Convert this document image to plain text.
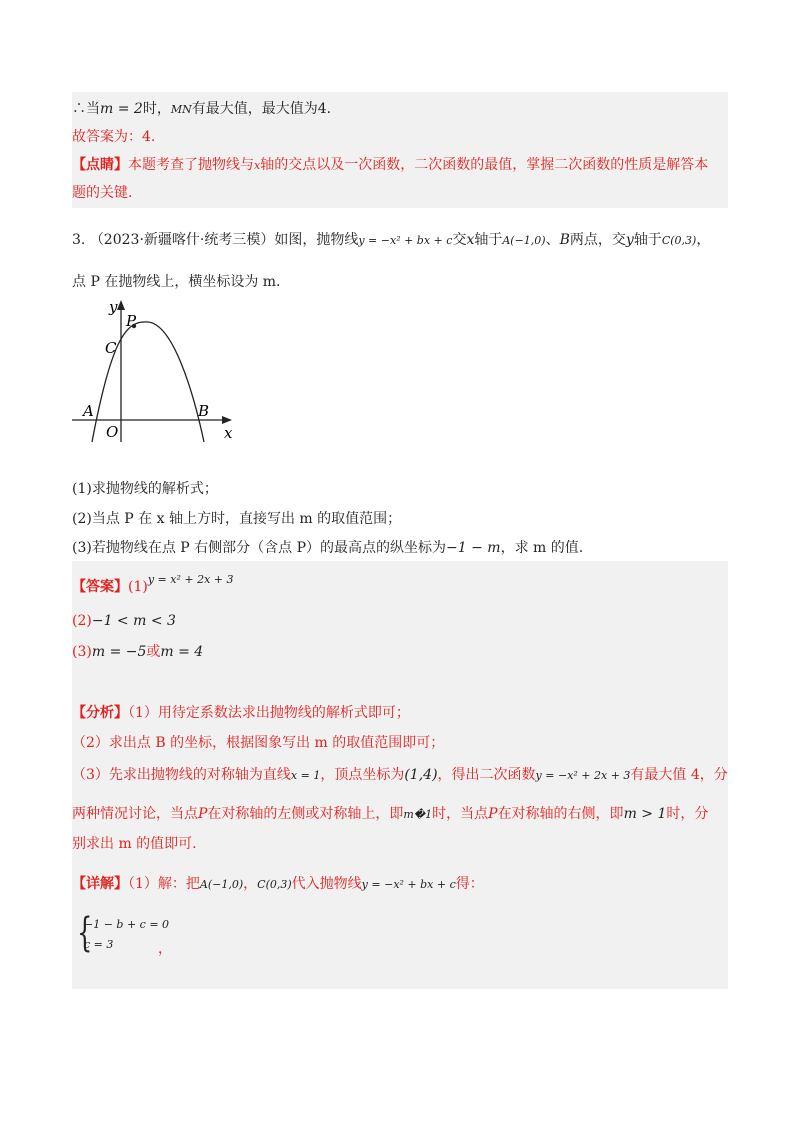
∴当m = 2时，MN有最大值，最大值为4.
故答案为：4.
【点睛】本题考查了抛物线与x轴的交点以及一次函数，二次函数的最值，掌握二次函数的性质是解答本
题的关键.
3. （2023·新疆喀什·统考三模）如图，抛物线y = −x² + bx + c交x轴于A(−1,0)、B两点，交y轴于C(0,3)，
点 P 在抛物线上，横坐标设为 m.
y
x
P
C
A	B
O
(1)求抛物线的解析式；
(2)当点 P 在 x 轴上方时，直接写出 m 的取值范围；
(3)若抛物线在点 P 右侧部分（含点 P）的最高点的纵坐标为−1 − m，求 m 的值.
【答案】$(1)^{y = x^2 + 2x + 3}$
(2)−1 < m < 3
(3)m = −5或m = 4
【分析】（1）用待定系数法求出抛物线的解析式即可；
（2）求出点 B 的坐标，根据图象写出 m 的取值范围即可；
（3）先求出抛物线的对称轴为直线x = 1，顶点坐标为(1,4)，得出二次函数y = −x² + 2x + 3有最大值 4，分
两种情况讨论，当点P在对称轴的左侧或对称轴上，即m�1时，当点P在对称轴的右侧，即m > 1时，分
别求出 m 的值即可.
【详解】（1）解：把A(−1,0)，C(0,3)代入抛物线y = −x² + bx + c得：
{
−1 − b + c = 0
c = 3	，
